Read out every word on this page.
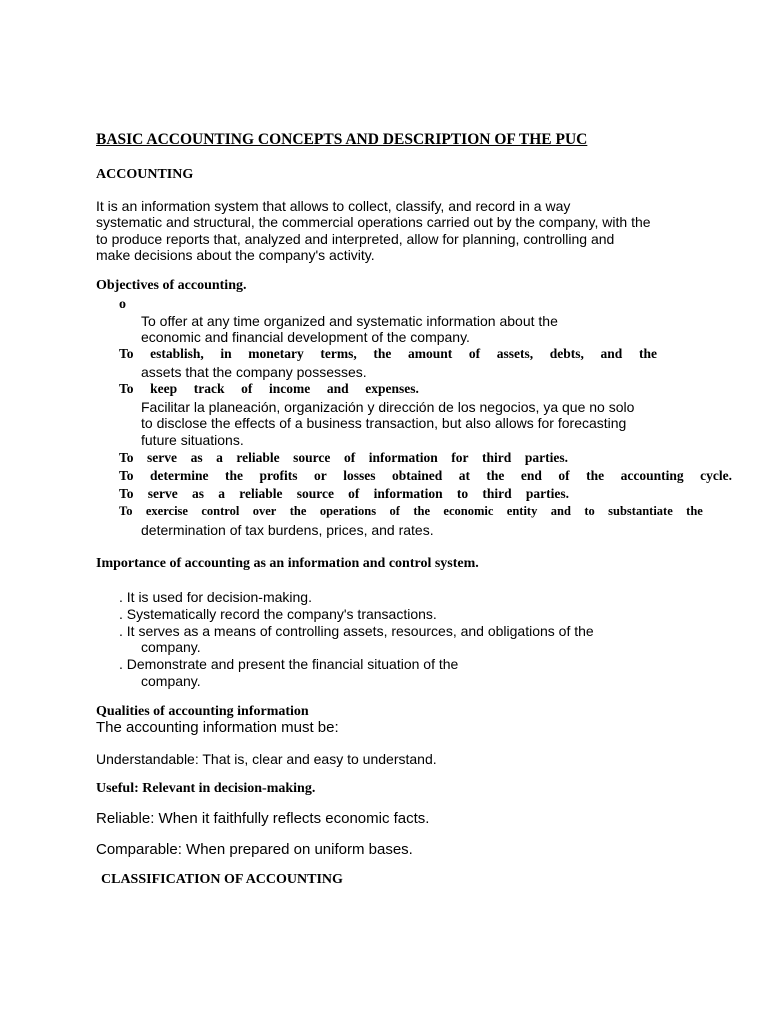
BASIC ACCOUNTING CONCEPTS AND DESCRIPTION OF THE PUC
ACCOUNTING

It is an information system that allows to collect, classify, and record in a way

systematic and structural, the commercial operations carried out by the company, with the

to produce reports that, analyzed and interpreted, allow for planning, controlling and

make decisions about the company's activity.

Objectives of accounting.
o

To offer at any time organized and systematic information about the

economic and financial development of the company.

To establish, in monetary terms, the amount of assets, debts, and the

assets that the company possesses.

To keep track of income and expenses.

Facilitar la planeación, organización y dirección de los negocios, ya que no solo

to disclose the effects of a business transaction, but also allows for forecasting

future situations.

To serve as a reliable source of information for third parties.
To determine the profits or losses obtained at the end of the accounting cycle.
To serve as a reliable source of information to third parties.
To exercise control over the operations of the economic entity and to substantiate the

determination of tax burdens, prices, and rates.

Importance of accounting as an information and control system.

. It is used for decision-making.

. Systematically record the company's transactions.

. It serves as a means of controlling assets, resources, and obligations of the

company.

. Demonstrate and present the financial situation of the

company.

Qualities of accounting information

The accounting information must be:

Understandable: That is, clear and easy to understand.

Useful: Relevant in decision-making.

Reliable: When it faithfully reflects economic facts.

Comparable: When prepared on uniform bases.

CLASSIFICATION OF ACCOUNTING
